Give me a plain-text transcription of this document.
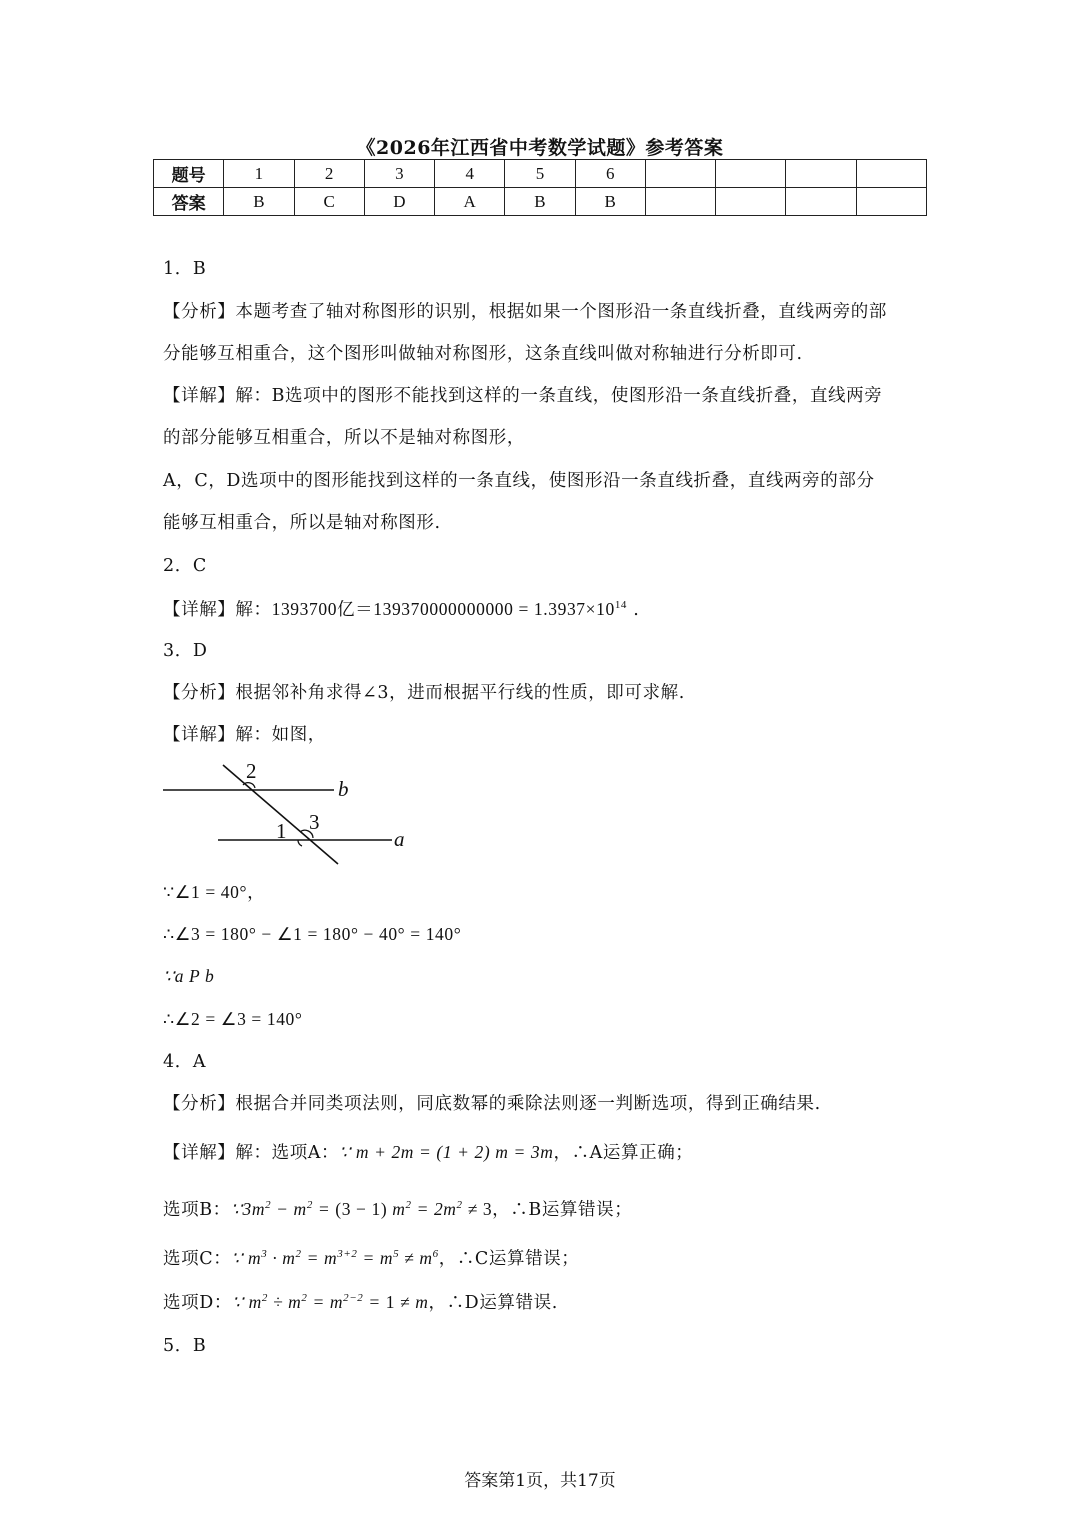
《2026年江西省中考数学试题》参考答案
题号	1	2	3	4	5	6				
答案	B	C	D	A	B	B				
1．B
【分析】本题考查了轴对称图形的识别，根据如果一个图形沿一条直线折叠，直线两旁的部
分能够互相重合，这个图形叫做轴对称图形，这条直线叫做对称轴进行分析即可.
【详解】解：B选项中的图形不能找到这样的一条直线，使图形沿一条直线折叠，直线两旁
的部分能够互相重合，所以不是轴对称图形，
A，C，D选项中的图形能找到这样的一条直线，使图形沿一条直线折叠，直线两旁的部分
能够互相重合，所以是轴对称图形.
2．C
【详解】解：1393700亿$=139370000000000 = 1.3937\times 10^{14}$ .
3．D
【分析】根据邻补角求得∠3，进而根据平行线的性质，即可求解.
【详解】解：如图，
2
b
1 3
a
∵∠1 = 40°，
∴∠3 = 180° − ∠1 = 180° − 40° = 140°
∵a P b
∴∠2 = ∠3 = 140°
4．A
【分析】根据合并同类项法则，同底数幂的乘除法则逐一判断选项，得到正确结果.
【详解】解：选项A：∵ m + 2m = (1 + 2) m = 3m，∴A运算正确；
选项B：$\because 3m^2 - m^2 = (3 - 1) m^2 = 2m^2 \ne 3$，∴B运算错误；
选项C：∵ $m^3 \cdot m^2 = m^{3+2} = m^5 \ne m^6$，∴C运算错误；
选项D：∵ $m^2 \div m^2 = m^{2-2} = 1 \ne m$，∴D运算错误.
5．B
答案第1页，共17页
